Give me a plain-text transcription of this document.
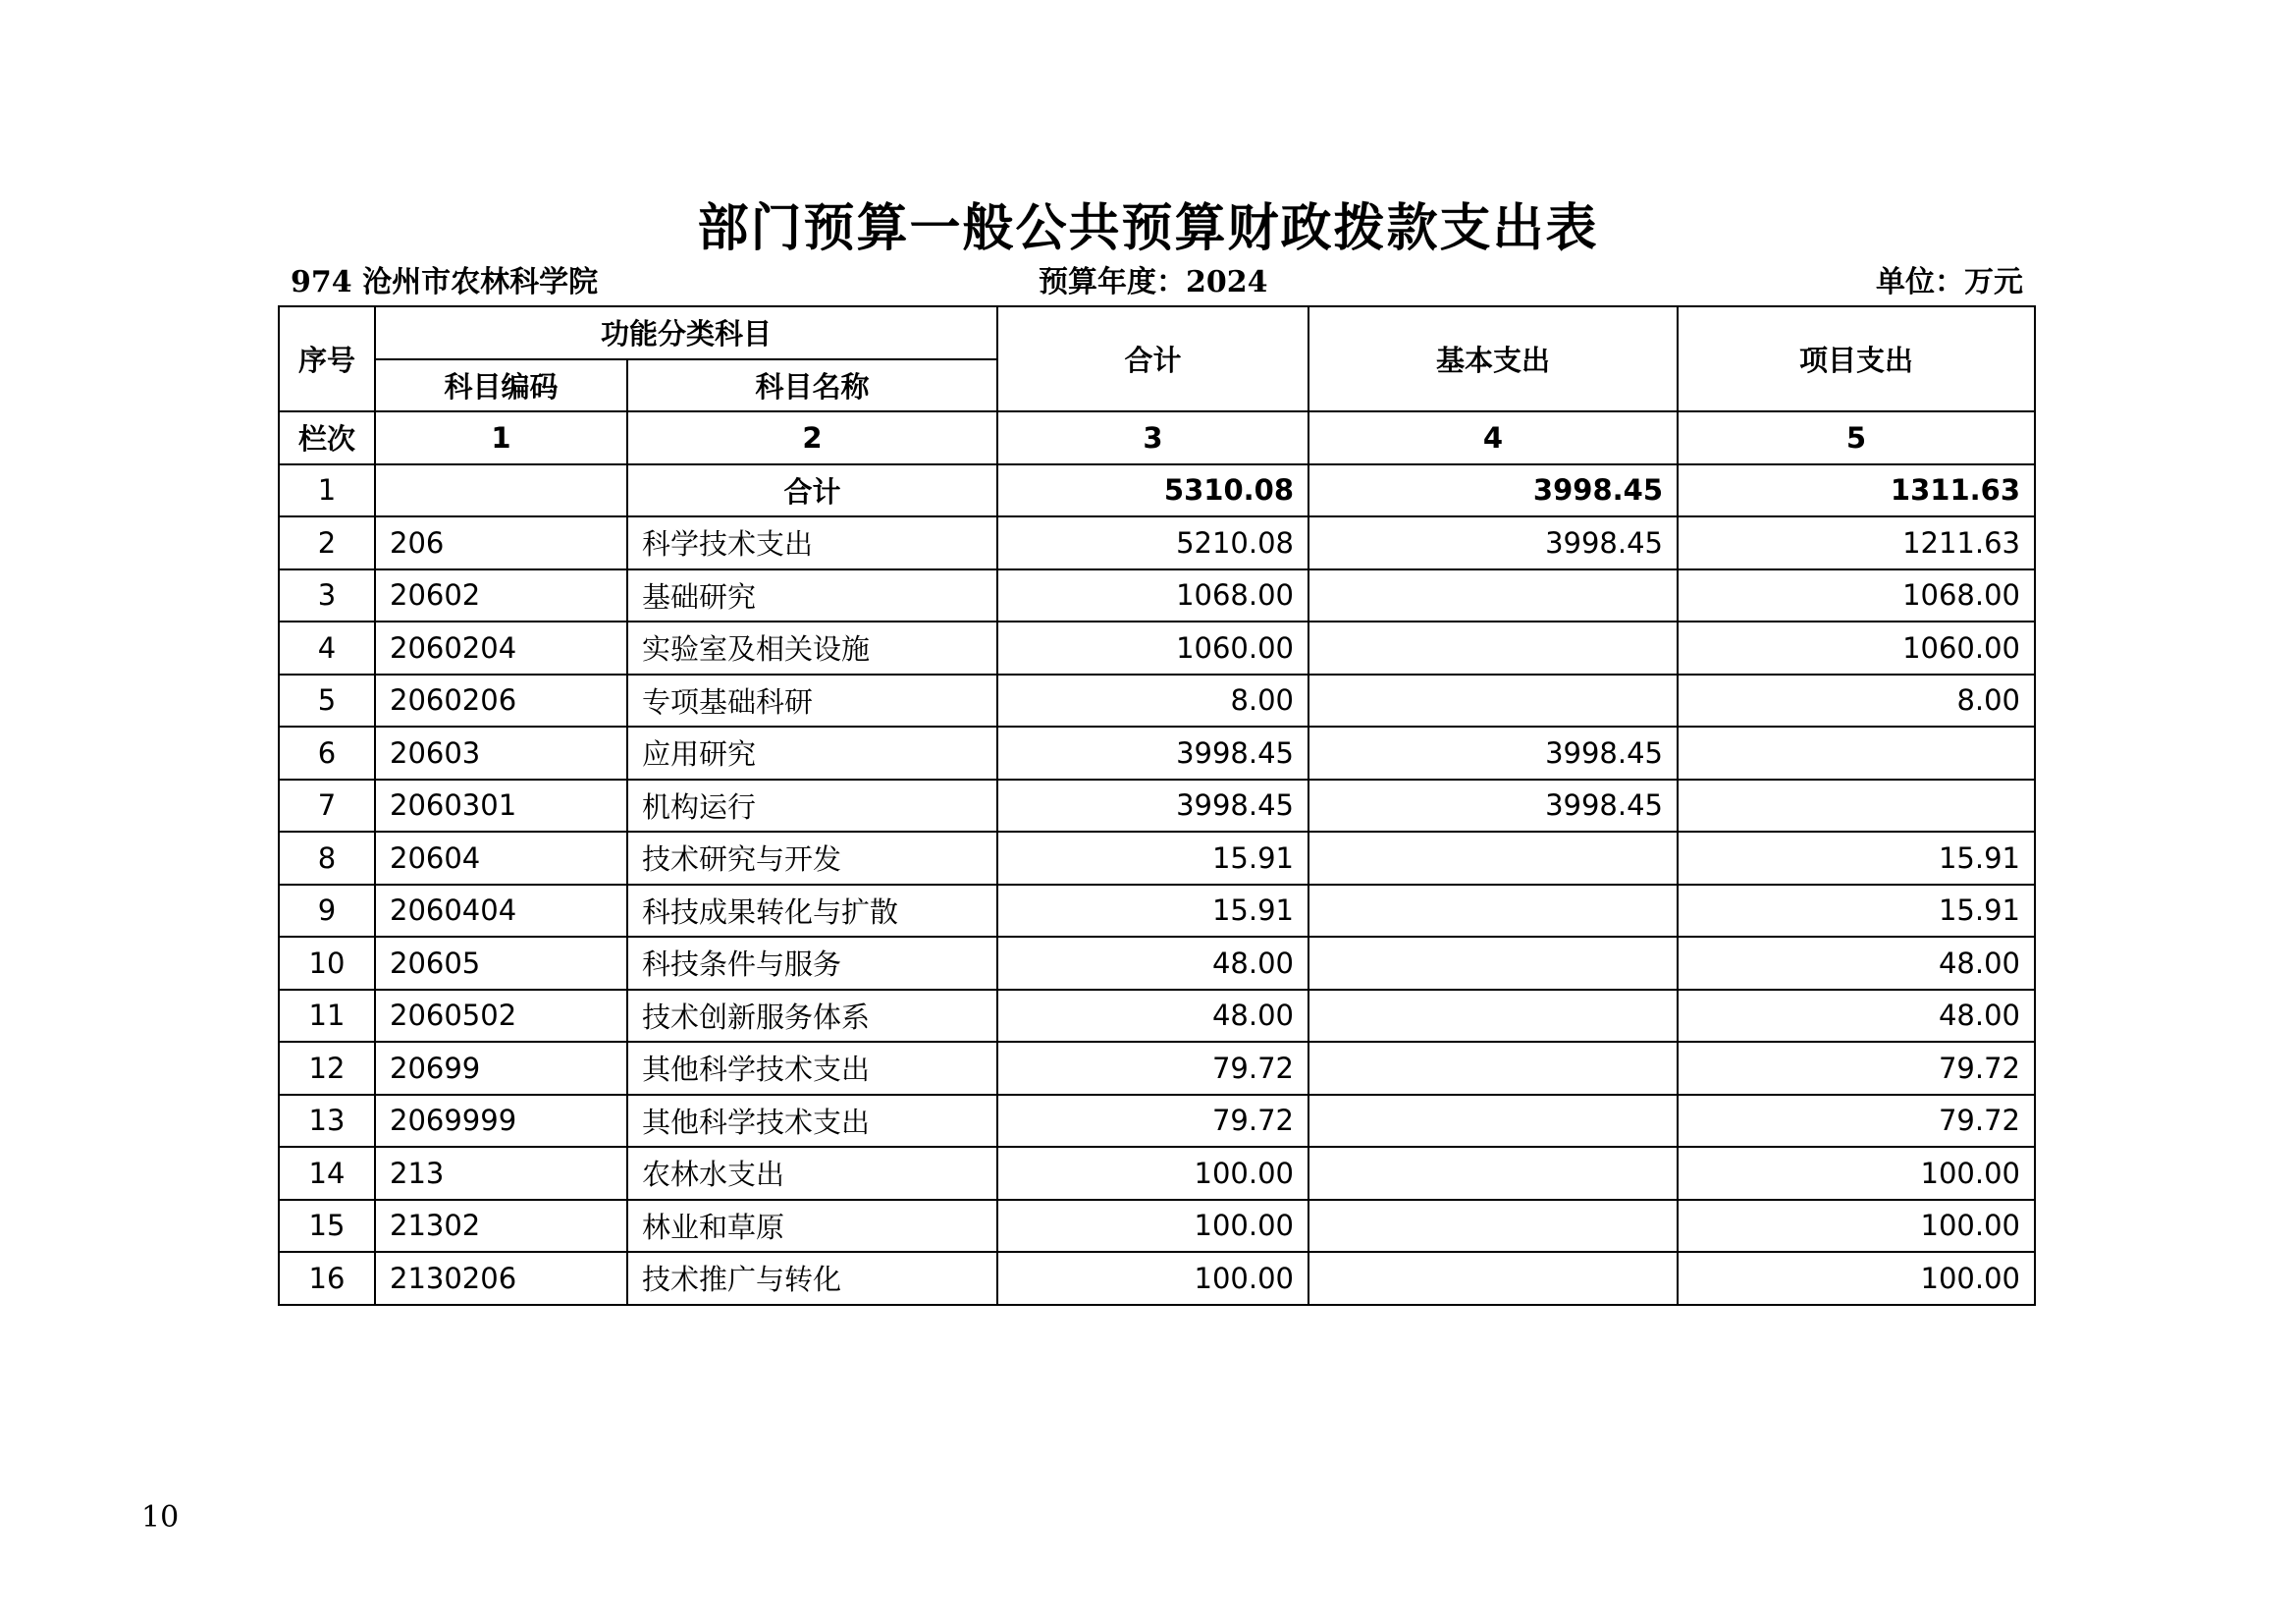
部门预算一般公共预算财政拨款支出表
974 沧州市农林科学院	预算年度：2024	单位：万元
序号	功能分类科目		合计	基本支出	项目支出
	科目编码	科目名称			
栏次	1	2	3	4	5
1		合计	5310.08	3998.45	1311.63
2	206	科学技术支出	5210.08	3998.45	1211.63
3	20602	基础研究	1068.00		1068.00
4	2060204	实验室及相关设施	1060.00		1060.00
5	2060206	专项基础科研	8.00		8.00
6	20603	应用研究	3998.45	3998.45	
7	2060301	机构运行	3998.45	3998.45	
8	20604	技术研究与开发	15.91		15.91
9	2060404	科技成果转化与扩散	15.91		15.91
10	20605	科技条件与服务	48.00		48.00
11	2060502	技术创新服务体系	48.00		48.00
12	20699	其他科学技术支出	79.72		79.72
13	2069999	其他科学技术支出	79.72		79.72
14	213	农林水支出	100.00		100.00
15	21302	林业和草原	100.00		100.00
16	2130206	技术推广与转化	100.00		100.00
10
